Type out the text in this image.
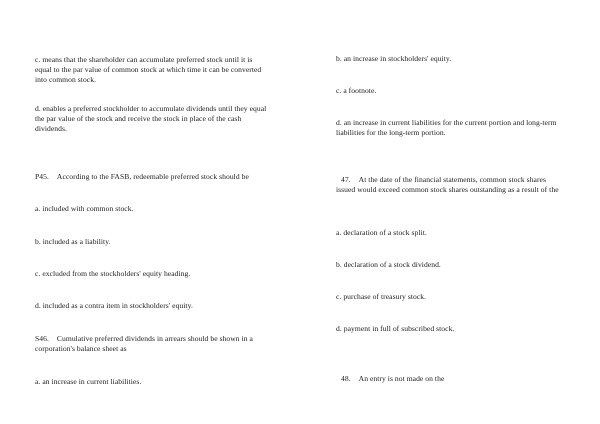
c. means that the shareholder can accumulate preferred stock until it is equal to the par value of common stock at which time it can be converted into common stock.

d. enables a preferred stockholder to accumulate dividends until they equal the par value of the stock and receive the stock in place of the cash dividends.

P45. According to the FASB, redeemable preferred stock should be

a. included with common stock.

b. included as a liability.

c. excluded from the stockholders' equity heading.

d. included as a contra item in stockholders' equity.

S46. Cumulative preferred dividends in arrears should be shown in a corporation's balance sheet as

a. an increase in current liabilities.

b. an increase in stockholders' equity.

c. a footnote.

d. an increase in current liabilities for the current portion and long-term liabilities for the long-term portion.

47. At the date of the financial statements, common stock shares issued would exceed common stock shares outstanding as a result of the

a. declaration of a stock split.

b. declaration of a stock dividend.

c. purchase of treasury stock.

d. payment in full of subscribed stock.

48. An entry is not made on the
